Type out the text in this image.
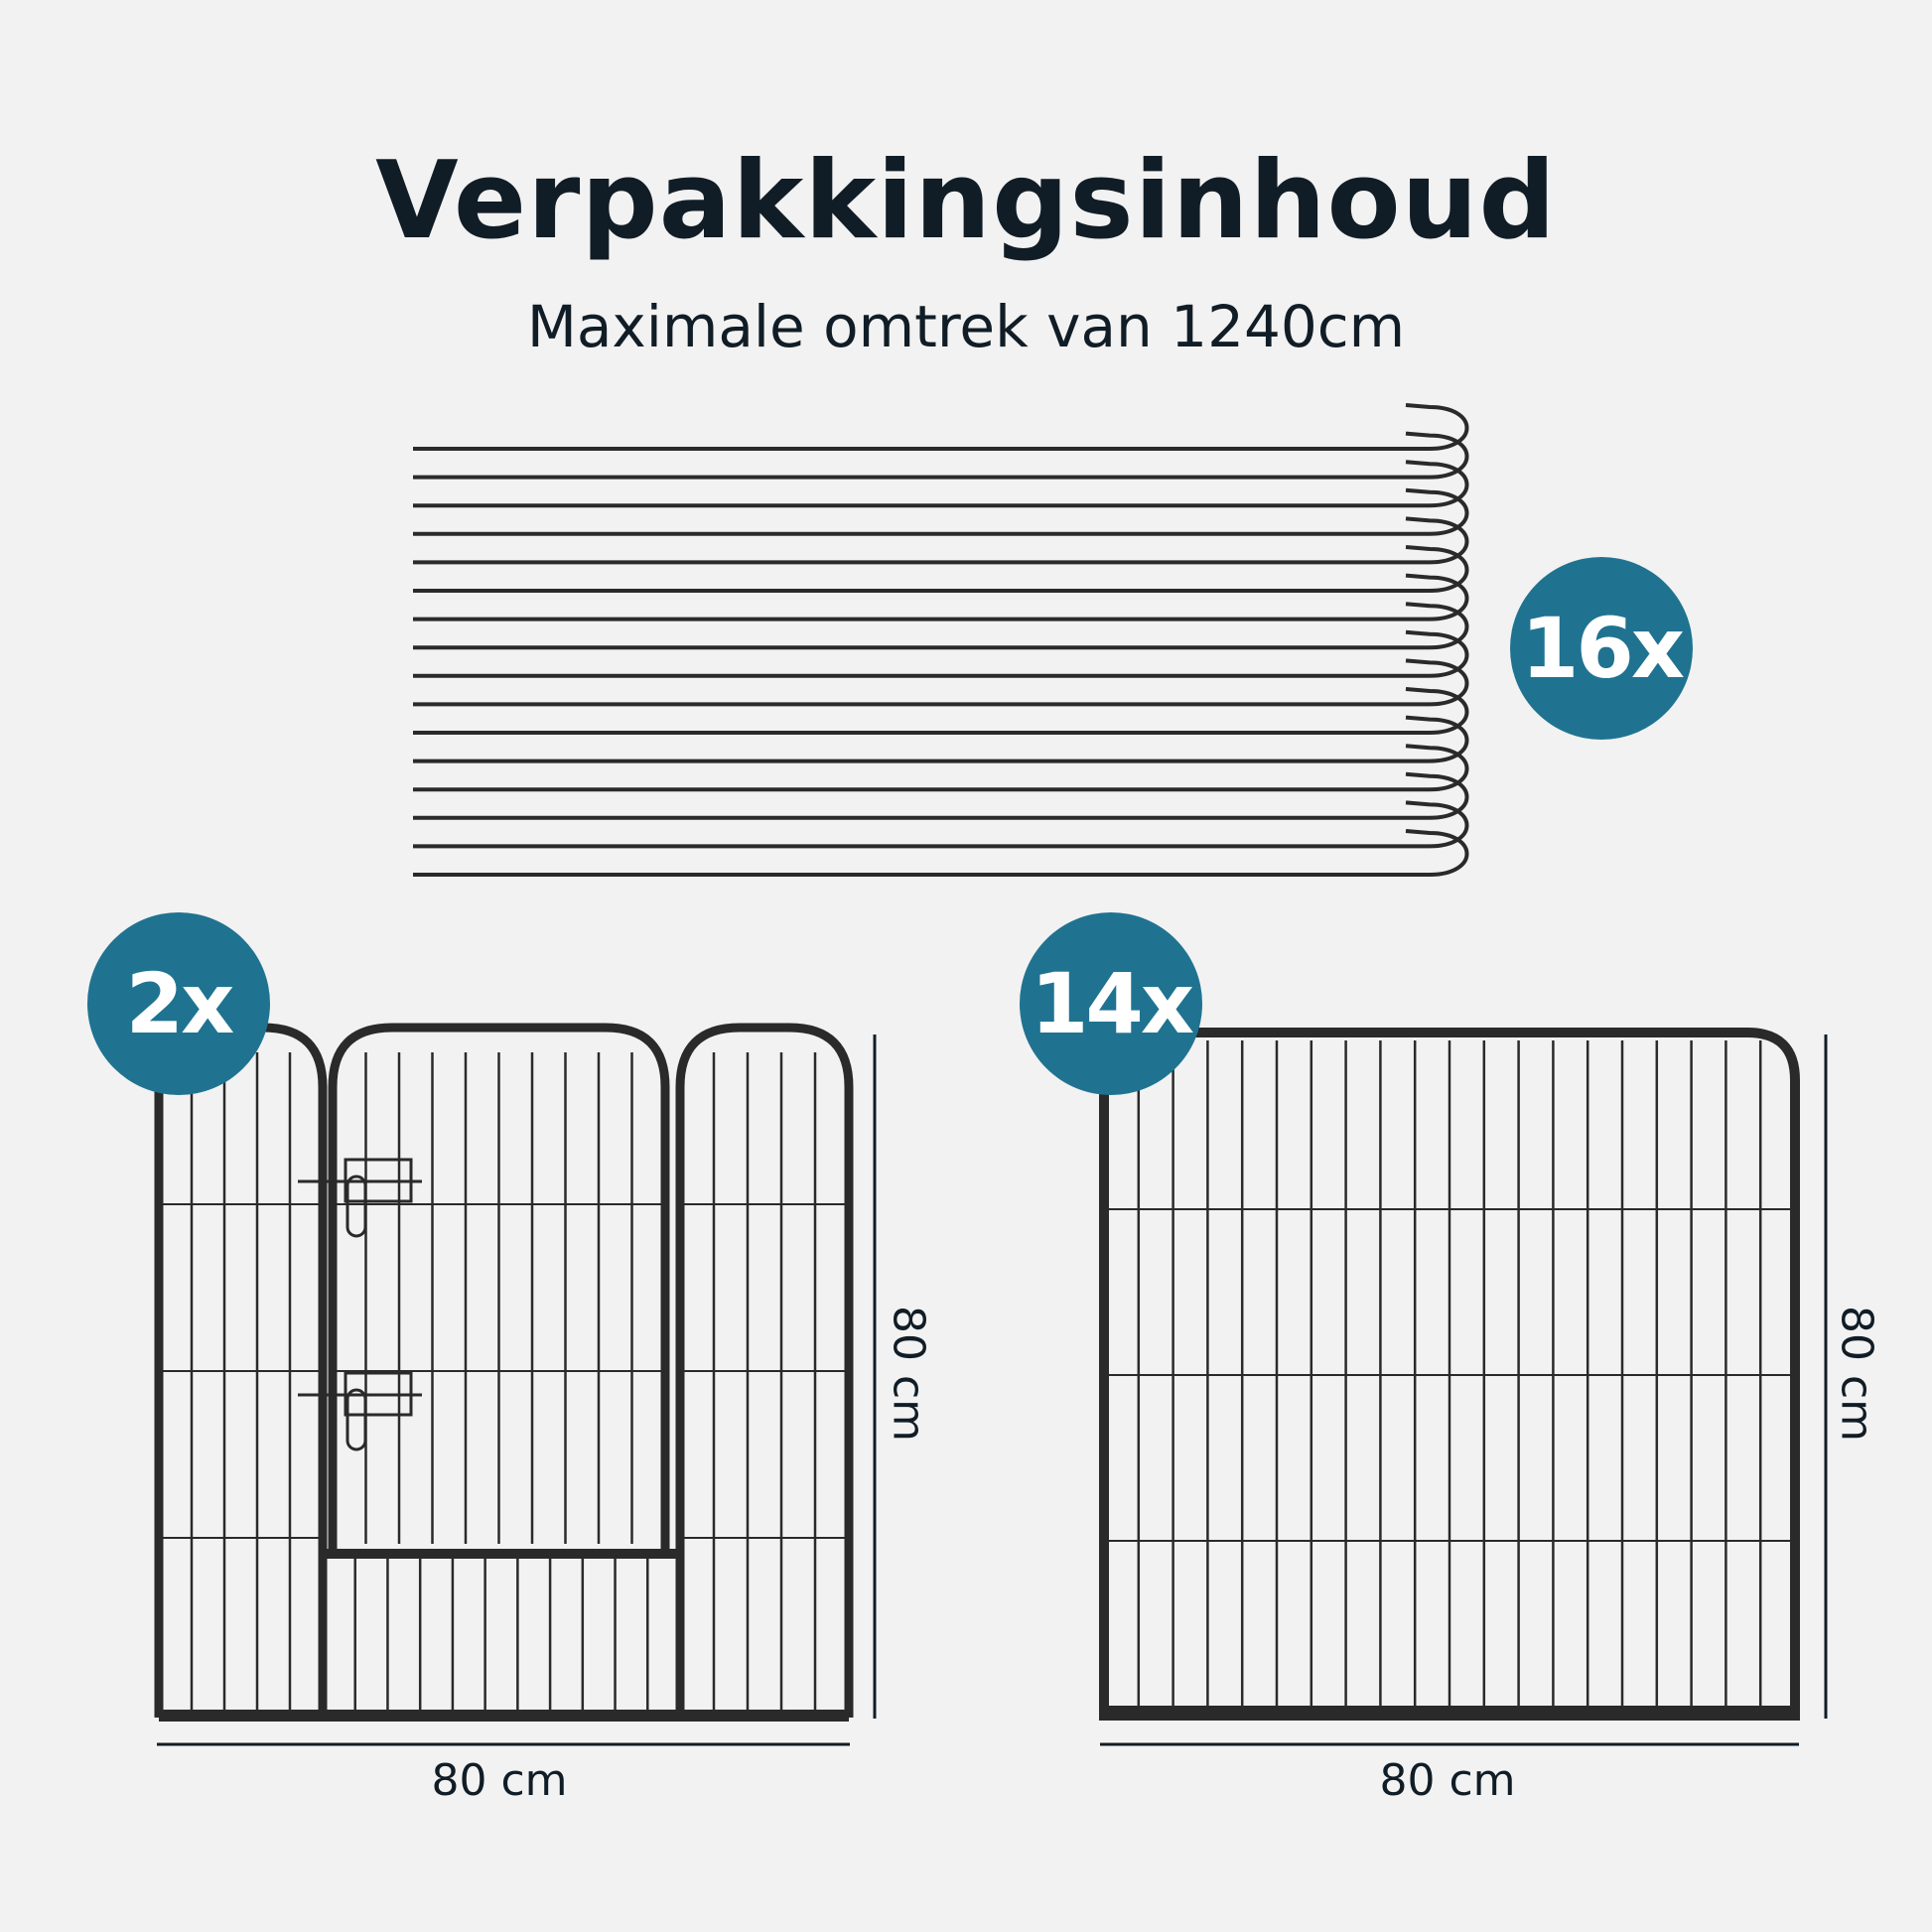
Verpakkingsinhoud
Maximale omtrek van 1240cm
16x
2x	14x
80 cm	80 cm
80 cm	80 cm
